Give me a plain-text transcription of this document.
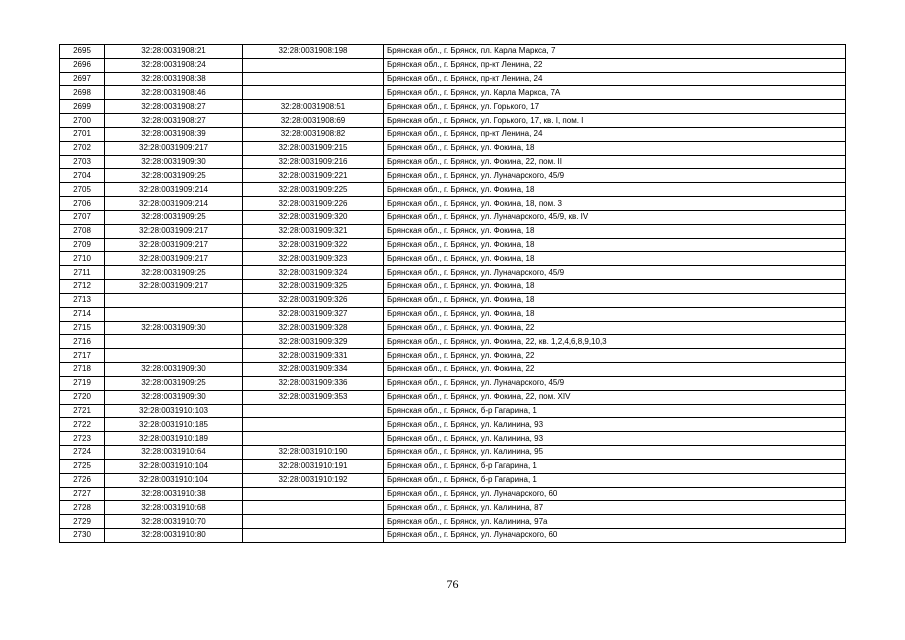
2695	32:28:0031908:21	32:28:0031908:198	Брянская обл., г. Брянск, пл. Карла Маркса, 7
2696	32:28:0031908:24		Брянская обл., г. Брянск, пр-кт Ленина, 22
2697	32:28:0031908:38		Брянская обл., г. Брянск, пр-кт Ленина, 24
2698	32:28:0031908:46		Брянская обл., г. Брянск, ул. Карла Маркса, 7А
2699	32:28:0031908:27	32:28:0031908:51	Брянская обл., г. Брянск, ул. Горького, 17
2700	32:28:0031908:27	32:28:0031908:69	Брянская обл., г. Брянск, ул. Горького, 17, кв. I, пом. I
2701	32:28:0031908:39	32:28:0031908:82	Брянская обл., г. Брянск, пр-кт Ленина, 24
2702	32:28:0031909:217	32:28:0031909:215	Брянская обл., г. Брянск, ул. Фокина, 18
2703	32:28:0031909:30	32:28:0031909:216	Брянская обл., г. Брянск, ул. Фокина, 22, пом. II
2704	32:28:0031909:25	32:28:0031909:221	Брянская обл., г. Брянск, ул. Луначарского, 45/9
2705	32:28:0031909:214	32:28:0031909:225	Брянская обл., г. Брянск, ул. Фокина, 18
2706	32:28:0031909:214	32:28:0031909:226	Брянская обл., г. Брянск, ул. Фокина, 18, пом. 3
2707	32:28:0031909:25	32:28:0031909:320	Брянская обл., г. Брянск, ул. Луначарского, 45/9, кв. IV
2708	32:28:0031909:217	32:28:0031909:321	Брянская обл., г. Брянск, ул. Фокина, 18
2709	32:28:0031909:217	32:28:0031909:322	Брянская обл., г. Брянск, ул. Фокина, 18
2710	32:28:0031909:217	32:28:0031909:323	Брянская обл., г. Брянск, ул. Фокина, 18
2711	32:28:0031909:25	32:28:0031909:324	Брянская обл., г. Брянск, ул. Луначарского, 45/9
2712	32:28:0031909:217	32:28:0031909:325	Брянская обл., г. Брянск, ул. Фокина, 18
2713		32:28:0031909:326	Брянская обл., г. Брянск, ул. Фокина, 18
2714		32:28:0031909:327	Брянская обл., г. Брянск, ул. Фокина, 18
2715	32:28:0031909:30	32:28:0031909:328	Брянская обл., г. Брянск, ул. Фокина, 22
2716		32:28:0031909:329	Брянская обл., г. Брянск, ул. Фокина, 22, кв. 1,2,4,6,8,9,10,3
2717		32:28:0031909:331	Брянская обл., г. Брянск, ул. Фокина, 22
2718	32:28:0031909:30	32:28:0031909:334	Брянская обл., г. Брянск, ул. Фокина, 22
2719	32:28:0031909:25	32:28:0031909:336	Брянская обл., г. Брянск, ул. Луначарского, 45/9
2720	32:28:0031909:30	32:28:0031909:353	Брянская обл., г. Брянск, ул. Фокина, 22, пом. XIV
2721	32:28:0031910:103		Брянская обл., г. Брянск, б-р Гагарина, 1
2722	32:28:0031910:185		Брянская обл., г. Брянск, ул. Калинина, 93
2723	32:28:0031910:189		Брянская обл., г. Брянск, ул. Калинина, 93
2724	32:28:0031910:64	32:28:0031910:190	Брянская обл., г. Брянск, ул. Калинина, 95
2725	32:28:0031910:104	32:28:0031910:191	Брянская обл., г. Брянск, б-р Гагарина, 1
2726	32:28:0031910:104	32:28:0031910:192	Брянская обл., г. Брянск, б-р Гагарина, 1
2727	32:28:0031910:38		Брянская обл., г. Брянск, ул. Луначарского, 60
2728	32:28:0031910:68		Брянская обл., г. Брянск, ул. Калинина, 87
2729	32:28:0031910:70		Брянская обл., г. Брянск, ул. Калинина, 97а
2730	32:28:0031910:80		Брянская обл., г. Брянск, ул. Луначарского, 60
76
